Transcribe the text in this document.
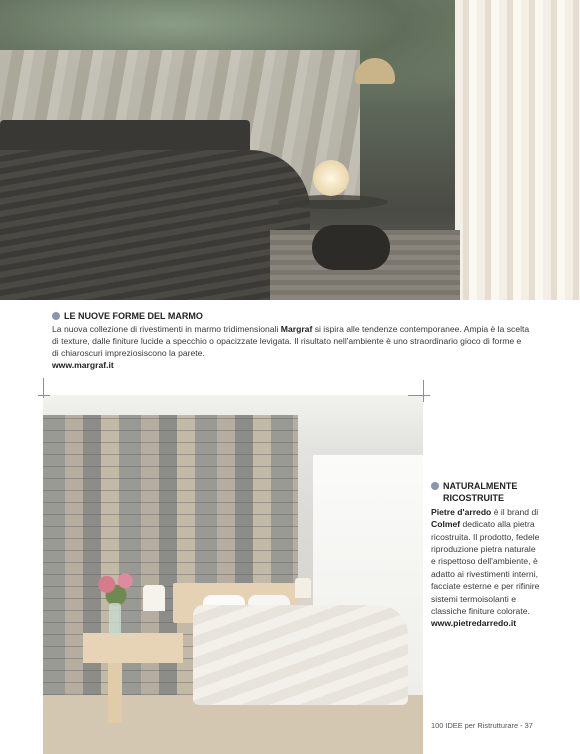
LE NUOVE FORME DEL MARMO

La nuova collezione di rivestimenti in marmo tridimensionali Margraf si ispira alle tendenze contemporanee. Ampia è la scelta di texture, dalle finiture lucide a specchio o opacizzate levigata. Il risultato nell'ambiente è uno straordinario gioco di forme e di chiaroscuri impreziosiscono la parete.

www.margraf.it
NATURALMENTE RICOSTRUITE

Pietre d'arredo è il brand di Colmef dedicato alla pietra ricostruita. Il prodotto, fedele riproduzione pietra naturale e rispettoso dell'ambiente, è adatto ai rivestimenti interni, facciate esterne e per rifinire sistemi termoisolanti e classiche finiture colorate.

www.pietredarredo.it
100 IDEE per Ristrutturare - 37
